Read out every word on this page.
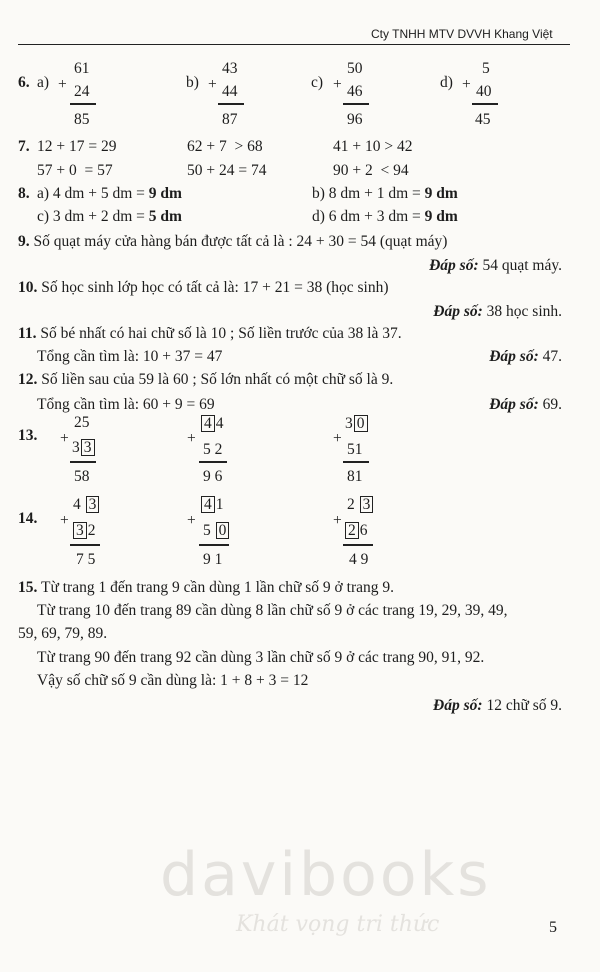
Cty TNHH MTV DVVH Khang Việt
6. a) +
61
24
85
b) +
43
44
87
c) +
50
46
96
d) +
5
40
45
7. 12 + 17 = 29	62 + 7  > 68	41 + 10 > 42
57 + 0  = 57	50 + 24 = 74	90 + 2  < 94
8. a) 4 dm + 5 dm = 9 dm	b) 8 dm + 1 dm = 9 dm
c) 3 dm + 2 dm = 5 dm	d) 6 dm + 3 dm = 9 dm
9. Số quạt máy cửa hàng bán được tất cả là : 24 + 30 = 54 (quạt máy)
Đáp số: 54 quạt máy.
10. Số học sinh lớp học có tất cả là: 17 + 21 = 38 (học sinh)
Đáp số: 38 học sinh.
11. Số bé nhất có hai chữ số là 10 ; Số liền trước của 38 là 37.
Tổng cần tìm là: 10 + 37 = 47	Đáp số: 47.
12. Số liền sau của 59 là 60 ; Số lớn nhất có một chữ số là 9.
Tổng cần tìm là: 60 + 9 = 69	Đáp số: 69.
13. +
25
3 3
58
+
4 4
5 2
9 6
+
3 0
51
81
14. +
4 3
3 2
7 5
+
4 1
5 0
9 1
+
2 3
2 6
4 9
15. Từ trang 1 đến trang 9 cần dùng 1 lần chữ số 9 ở trang 9.
Từ trang 10 đến trang 89 cần dùng 8 lần chữ số 9 ở các trang 19, 29, 39, 49,
59, 69, 79, 89.
Từ trang 90 đến trang 92 cần dùng 3 lần chữ số 9 ở các trang 90, 91, 92.
Vậy số chữ số 9 cần dùng là: 1 + 8 + 3 = 12
Đáp số: 12 chữ số 9.
davibooks
Khát vọng tri thức	5
